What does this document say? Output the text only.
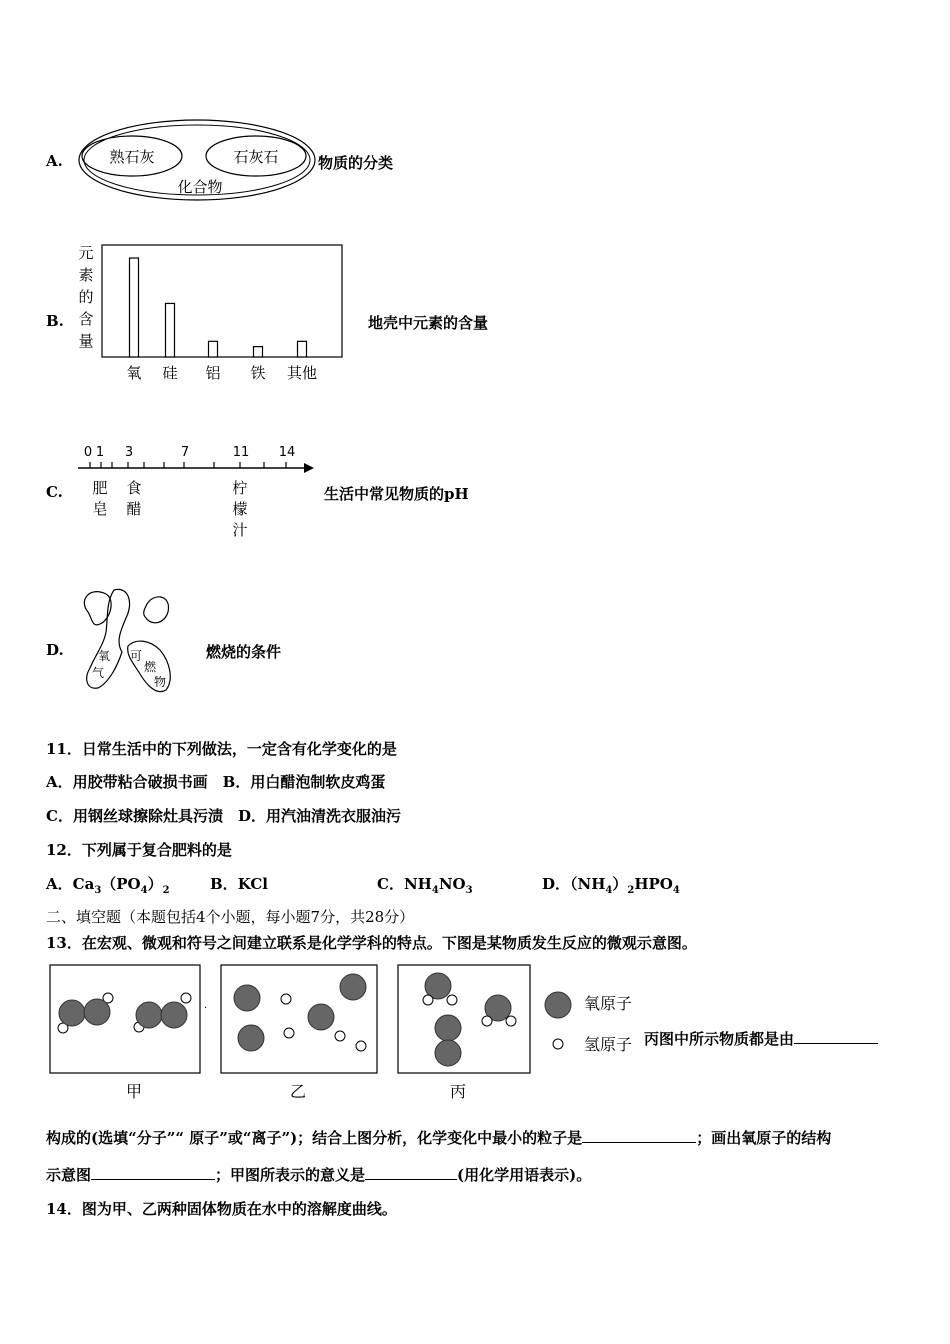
A.	熟石灰	石灰石
化合物
物质的分类
B.
元
素
的
含
量
氧 硅 铝 铁 其他
地壳中元素的含量
C.
0 1 3	7	11 14
肥
皂
食
醋
柠
檬
汁
生活中常见物质的pH
D.	氧
气
可
燃
物
燃烧的条件
11．日常生活中的下列做法，一定含有化学变化的是
A．用胶带粘合破损书画　B．用白醋泡制软皮鸡蛋
C．用钢丝球擦除灶具污渍　D．用汽油清洗衣服油污
12．下列属于复合肥料的是
A．$Ca_3(PO_4)_2$	B．KCl	C．$NH_4NO_3$	D．$(NH_4)_2HPO_4$
二、填空题（本题包括4个小题，每小题7分，共28分）
13．在宏观、微观和符号之间建立联系是化学学科的特点。下图是某物质发生反应的微观示意图。
.
甲	乙	丙
氧原子
氢原子 丙图中所示物质都是由
构成的(选填“分子”“ 原子”或“离子”)；结合上图分析，化学变化中最小的粒子是	；画出氧原子的结构
示意图	；甲图所表示的意义是	(用化学用语表示)。
14．图为甲、乙两种固体物质在水中的溶解度曲线。
